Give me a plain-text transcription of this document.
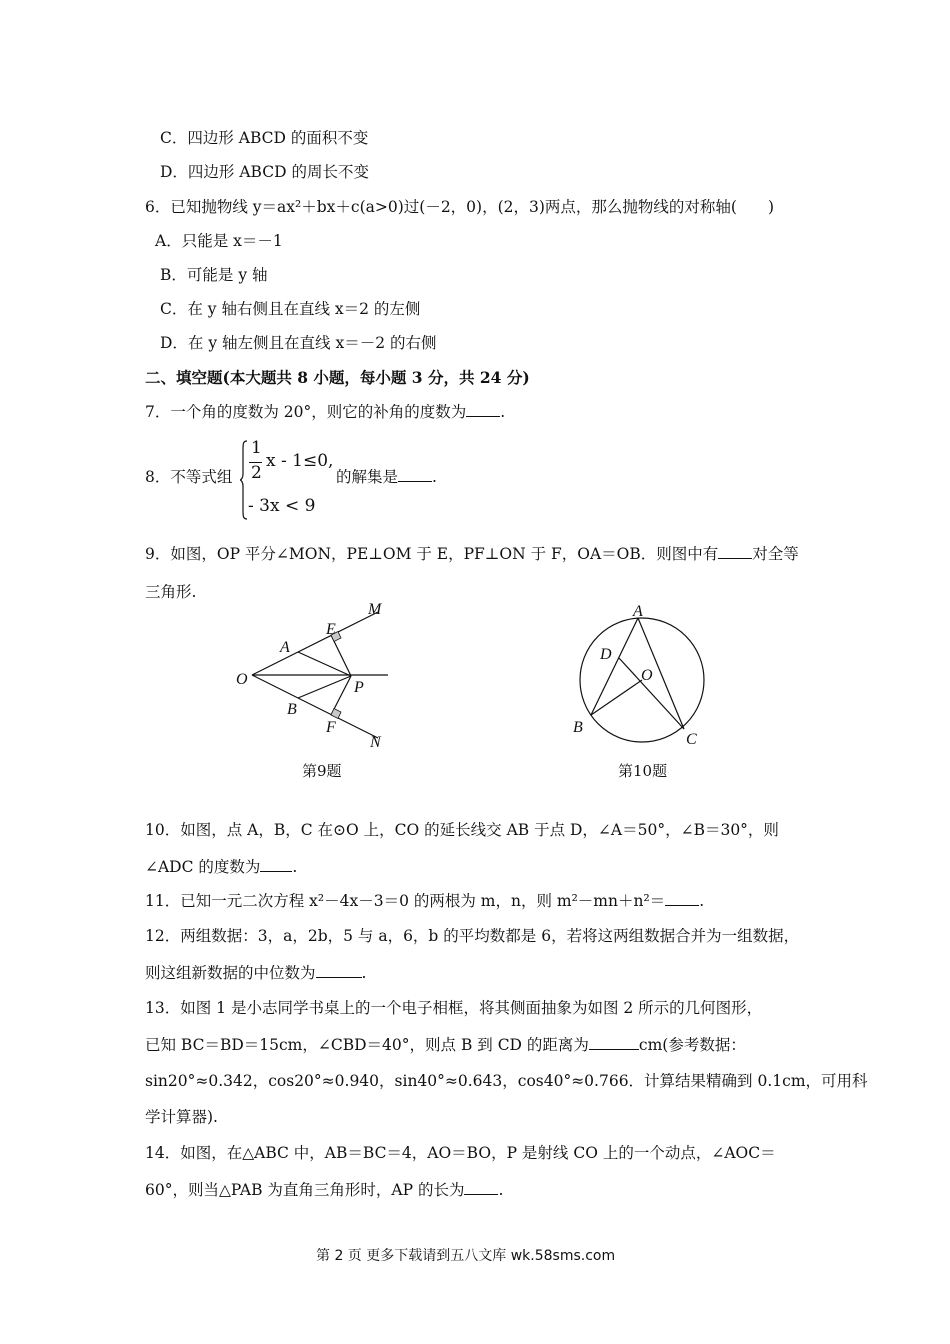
C．四边形 ABCD 的面积不变
D．四边形 ABCD 的周长不变
6．已知抛物线 y＝ax²＋bx＋c(a>0)过(－2，0)，(2，3)两点，那么抛物线的对称轴(　　)
A．只能是 x＝－1
B．可能是 y 轴
C．在 y 轴右侧且在直线 x＝2 的左侧
D．在 y 轴左侧且在直线 x＝－2 的右侧
二、填空题(本大题共 8 小题，每小题 3 分，共 24 分)
7．一个角的度数为 20°，则它的补角的度数为 .
8．不等式组
1
2
x - 1≤0,
- 3x < 9
的解集是 .
9．如图，OP 平分∠MON，PE⊥OM 于 E，PF⊥ON 于 F，OA＝OB．则图中有 对全等
三角形.
M
E
A
O	P
B
F
N
第9题
A
D
O
B
C
第10题
10．如图，点 A，B，C 在⊙O 上，CO 的延长线交 AB 于点 D，∠A＝50°，∠B＝30°，则
∠ADC 的度数为 .
11．已知一元二次方程 x²－4x－3＝0 的两根为 m，n，则 m²－mn＋n²＝ .
12．两组数据：3，a，2b，5 与 a，6，b 的平均数都是 6，若将这两组数据合并为一组数据，
则这组新数据的中位数为	.
13．如图 1 是小志同学书桌上的一个电子相框，将其侧面抽象为如图 2 所示的几何图形，
已知 BC＝BD＝15cm，∠CBD＝40°，则点 B 到 CD 的距离为	cm(参考数据：
sin20°≈0.342，cos20°≈0.940，sin40°≈0.643，cos40°≈0.766．计算结果精确到 0.1cm，可用科
学计算器).
14．如图，在△ABC 中，AB＝BC＝4，AO＝BO，P 是射线 CO 上的一个动点，∠AOC＝
60°，则当△PAB 为直角三角形时，AP 的长为 .
第 2 页 更多下载请到五八文库 wk.58sms.com
